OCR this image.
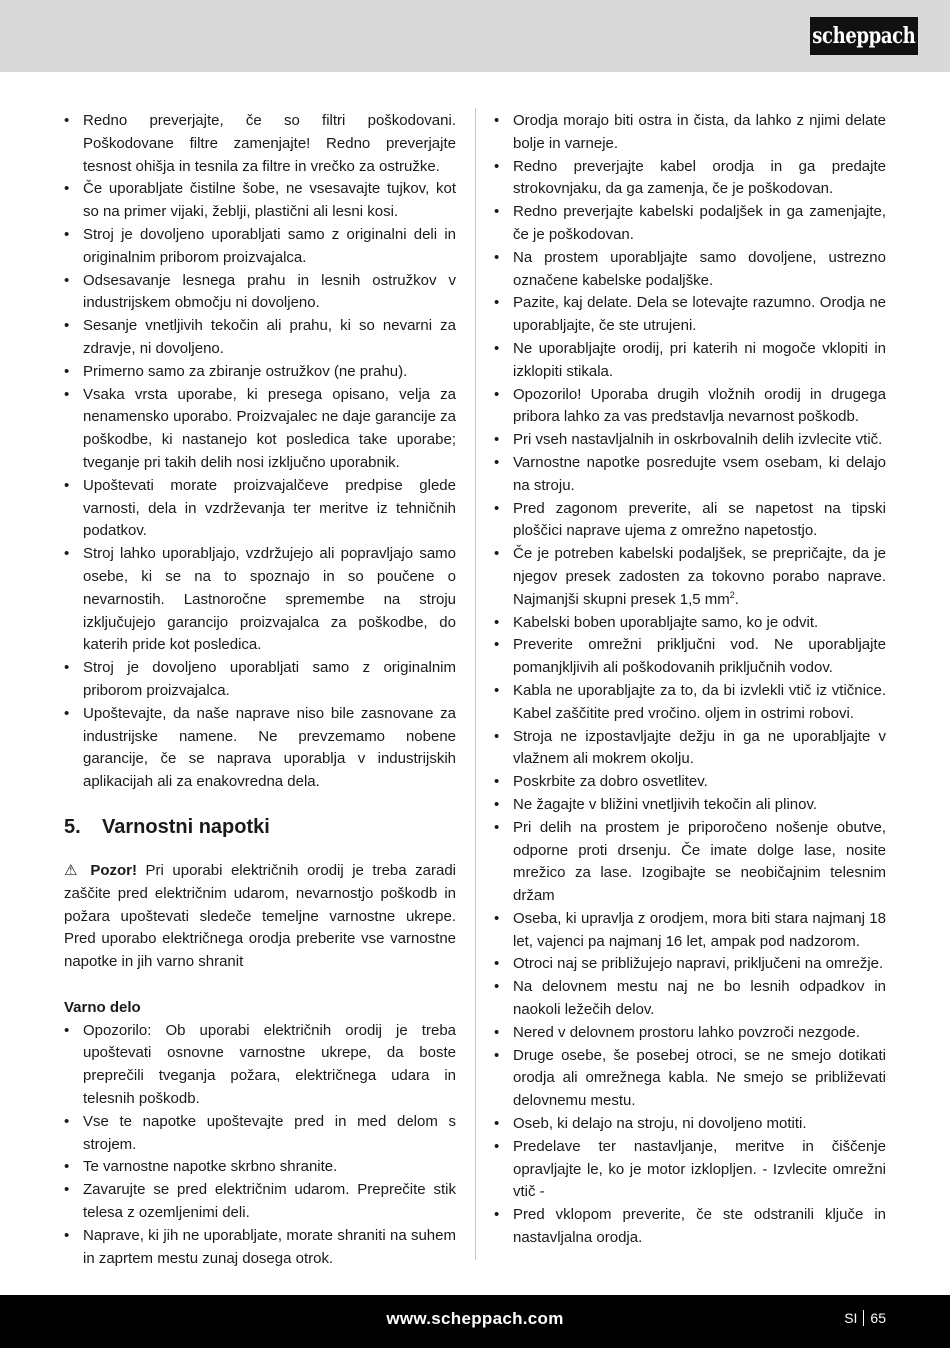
scheppach
• Redno preverjajte, če so filtri poškodovani. Poškodovane filtre zamenjajte! Redno preverjajte tesnost ohišja in tesnila za filtre in vrečko za ostružke.
• Če uporabljate čistilne šobe, ne vsesavajte tujkov, kot so na primer vijaki, žeblji, plastični ali lesni kosi.
• Stroj je dovoljeno uporabljati samo z originalni deli in originalnim priborom proizvajalca.
• Odsesavanje lesnega prahu in lesnih ostružkov v industrijskem območju ni dovoljeno.
• Sesanje vnetljivih tekočin ali prahu, ki so nevarni za zdravje, ni dovoljeno.
• Primerno samo za zbiranje ostružkov (ne prahu).
• Vsaka vrsta uporabe, ki presega opisano, velja za nenamensko uporabo. Proizvajalec ne daje garancije za poškodbe, ki nastanejo kot posledica take uporabe; tveganje pri takih delih nosi izključno uporabnik.
• Upoštevati morate proizvajalčeve predpise glede varnosti, dela in vzdrževanja ter meritve iz tehničnih podatkov.
• Stroj lahko uporabljajo, vzdržujejo ali popravljajo samo osebe, ki se na to spoznajo in so poučene o nevarnostih. Lastnoročne spremembe na stroju izključujejo garancijo proizvajalca za poškodbe, do katerih pride kot posledica.
• Stroj je dovoljeno uporabljati samo z originalnim priborom proizvajalca.
• Upoštevajte, da naše naprave niso bile zasnovane za industrijske namene. Ne prevzemamo nobene garancije, če se naprava uporablja v industrijskih aplikacijah ali za enakovredna dela.
5. Varnostni napotki

⚠ Pozor! Pri uporabi električnih orodij je treba zaradi zaščite pred električnim udarom, nevarnostjo poškodb in požara upoštevati sledeče temeljne varnostne ukrepe. Pred uporabo električnega orodja preberite vse varnostne napotke in jih varno shranit

Varno delo
• Opozorilo: Ob uporabi električnih orodij je treba upoštevati osnovne varnostne ukrepe, da boste preprečili tveganja požara, električnega udara in telesnih poškodb.
• Vse te napotke upoštevajte pred in med delom s strojem.
• Te varnostne napotke skrbno shranite.
• Zavarujte se pred električnim udarom. Preprečite stik telesa z ozemljenimi deli.
• Naprave, ki jih ne uporabljate, morate shraniti na suhem in zaprtem mestu zunaj dosega otrok.
• Orodja morajo biti ostra in čista, da lahko z njimi delate bolje in varneje.
• Redno preverjajte kabel orodja in ga predajte strokovnjaku, da ga zamenja, če je poškodovan.
• Redno preverjajte kabelski podaljšek in ga zamenjajte, če je poškodovan.
• Na prostem uporabljajte samo dovoljene, ustrezno označene kabelske podaljške.
• Pazite, kaj delate. Dela se lotevajte razumno. Orodja ne uporabljajte, če ste utrujeni.
• Ne uporabljajte orodij, pri katerih ni mogoče vklopiti in izklopiti stikala.
• Opozorilo! Uporaba drugih vložnih orodij in drugega pribora lahko za vas predstavlja nevarnost poškodb.
• Pri vseh nastavljalnih in oskrbovalnih delih izvlecite vtič.
• Varnostne napotke posredujte vsem osebam, ki delajo na stroju.
• Pred zagonom preverite, ali se napetost na tipski ploščici naprave ujema z omrežno napetostjo.
• Če je potreben kabelski podaljšek, se prepričajte, da je njegov presek zadosten za tokovno porabo naprave. Najmanjši skupni presek 1,5 $mm^2$.
• Kabelski boben uporabljajte samo, ko je odvit.
• Preverite omrežni priključni vod. Ne uporabljajte pomanjkljivih ali poškodovanih priključnih vodov.
• Kabla ne uporabljajte za to, da bi izvlekli vtič iz vtičnice. Kabel zaščitite pred vročino. oljem in ostrimi robovi.
• Stroja ne izpostavljajte dežju in ga ne uporabljajte v vlažnem ali mokrem okolju.
• Poskrbite za dobro osvetlitev.
• Ne žagajte v bližini vnetljivih tekočin ali plinov.
• Pri delih na prostem je priporočeno nošenje obutve, odporne proti drsenju. Če imate dolge lase, nosite mrežico za lase. Izogibajte se neobičajnim telesnim držam
• Oseba, ki upravlja z orodjem, mora biti stara najmanj 18 let, vajenci pa najmanj 16 let, ampak pod nadzorom.
• Otroci naj se približujejo napravi, priključeni na omrežje.
• Na delovnem mestu naj ne bo lesnih odpadkov in naokoli ležečih delov.
• Nered v delovnem prostoru lahko povzroči nezgode.
• Druge osebe, še posebej otroci, se ne smejo dotikati orodja ali omrežnega kabla. Ne smejo se približevati delovnemu mestu.
• Oseb, ki delajo na stroju, ni dovoljeno motiti.
• Predelave ter nastavljanje, meritve in čiščenje opravljajte le, ko je motor izklopljen. - Izvlecite omrežni vtič -
• Pred vklopom preverite, če ste odstranili ključe in nastavljalna orodja.
www.scheppach.com	SI 65
